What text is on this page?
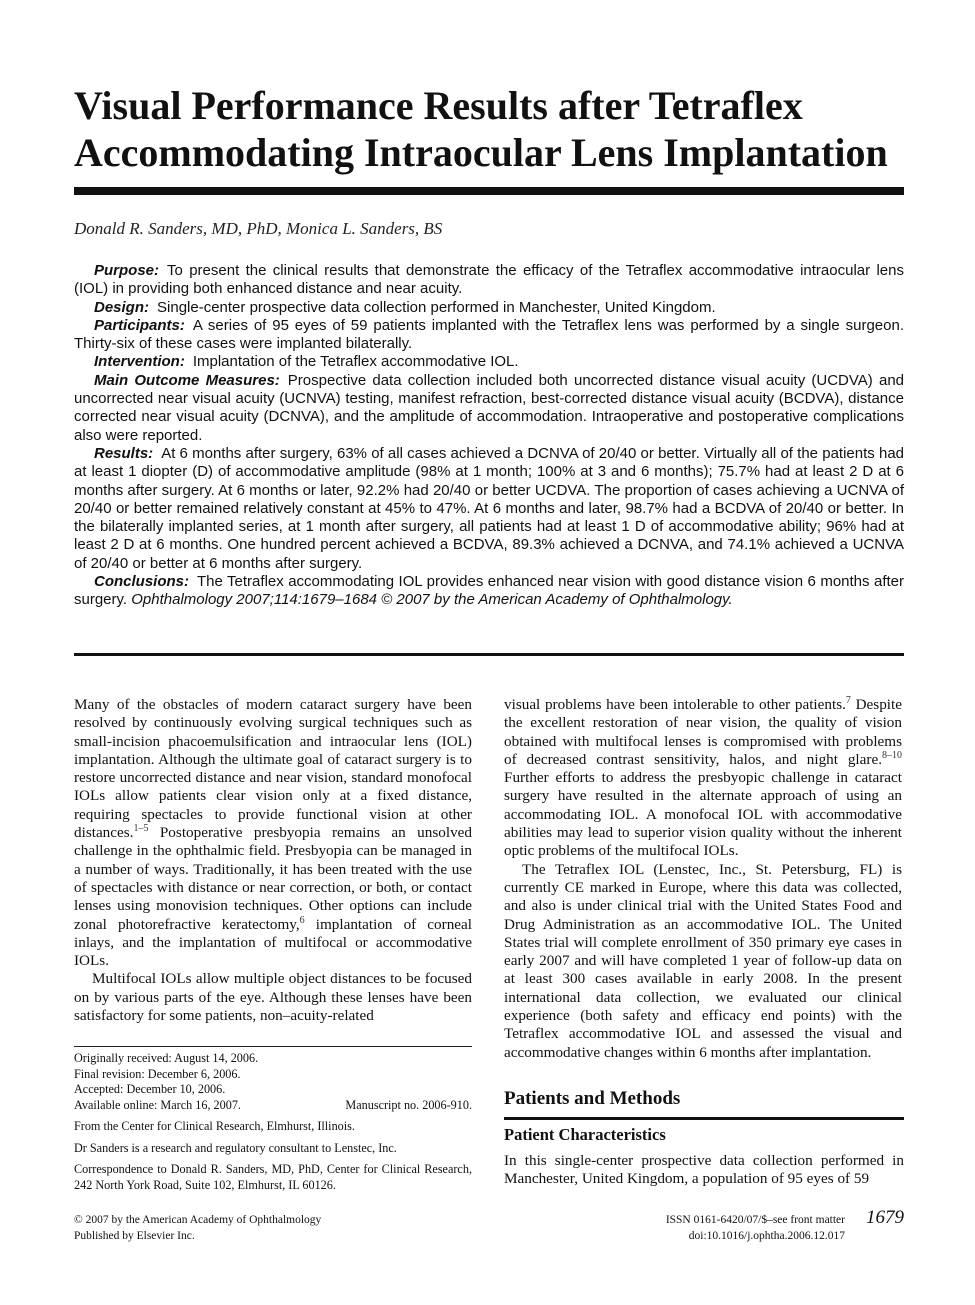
Visual Performance Results after Tetraflex
Accommodating Intraocular Lens Implantation
Donald R. Sanders, MD, PhD, Monica L. Sanders, BS

Purpose: To present the clinical results that demonstrate the efficacy of the Tetraflex accommodative intraocular lens (IOL) in providing both enhanced distance and near acuity.

Design: Single-center prospective data collection performed in Manchester, United Kingdom.

Participants: A series of 95 eyes of 59 patients implanted with the Tetraflex lens was performed by a single surgeon. Thirty-six of these cases were implanted bilaterally.

Intervention: Implantation of the Tetraflex accommodative IOL.

Main Outcome Measures: Prospective data collection included both uncorrected distance visual acuity (UCDVA) and uncorrected near visual acuity (UCNVA) testing, manifest refraction, best-corrected distance visual acuity (BCDVA), distance corrected near visual acuity (DCNVA), and the amplitude of accommodation. Intraoperative and postoperative complications also were reported.

Results: At 6 months after surgery, 63% of all cases achieved a DCNVA of 20/40 or better. Virtually all of the patients had at least 1 diopter (D) of accommodative amplitude (98% at 1 month; 100% at 3 and 6 months); 75.7% had at least 2 D at 6 months after surgery. At 6 months or later, 92.2% had 20/40 or better UCDVA. The proportion of cases achieving a UCNVA of 20/40 or better remained relatively constant at 45% to 47%. At 6 months and later, 98.7% had a BCDVA of 20/40 or better. In the bilaterally implanted series, at 1 month after surgery, all patients had at least 1 D of accommodative ability; 96% had at least 2 D at 6 months. One hundred percent achieved a BCDVA, 89.3% achieved a DCNVA, and 74.1% achieved a UCNVA of 20/40 or better at 6 months after surgery.

Conclusions: The Tetraflex accommodating IOL provides enhanced near vision with good distance vision 6 months after surgery. Ophthalmology 2007;114:1679–1684 © 2007 by the American Academy of Ophthalmology.

Many of the obstacles of modern cataract surgery have been resolved by continuously evolving surgical techniques such as small-incision phacoemulsification and intraocular lens (IOL) implantation. Although the ultimate goal of cataract surgery is to restore uncorrected distance and near vision, standard monofocal IOLs allow patients clear vision only at a fixed distance, requiring spectacles to provide functional vision at other distances.$^{1-5}$ Postoperative presbyopia remains an unsolved challenge in the ophthalmic field. Presbyopia can be managed in a number of ways. Traditionally, it has been treated with the use of spectacles with distance or near correction, or both, or contact lenses using monovision techniques. Other options can include zonal photorefractive keratectomy,$^6$ implantation of corneal inlays, and the implantation of multifocal or accommodative IOLs.

Multifocal IOLs allow multiple object distances to be focused on by various parts of the eye. Although these lenses have been satisfactory for some patients, non–acuity-related

Originally received: August 14, 2006.
Final revision: December 6, 2006.
Accepted: December 10, 2006.
Available online: March 16, 2007.	Manuscript no. 2006-910.

From the Center for Clinical Research, Elmhurst, Illinois.

Dr Sanders is a research and regulatory consultant to Lenstec, Inc.

Correspondence to Donald R. Sanders, MD, PhD, Center for Clinical Research, 242 North York Road, Suite 102, Elmhurst, IL 60126.

visual problems have been intolerable to other patients.$^7$ Despite the excellent restoration of near vision, the quality of vision obtained with multifocal lenses is compromised with problems of decreased contrast sensitivity, halos, and night glare.$^{8-10}$ Further efforts to address the presbyopic challenge in cataract surgery have resulted in the alternate approach of using an accommodating IOL. A monofocal IOL with accommodative abilities may lead to superior vision quality without the inherent optic problems of the multifocal IOLs.

The Tetraflex IOL (Lenstec, Inc., St. Petersburg, FL) is currently CE marked in Europe, where this data was collected, and also is under clinical trial with the United States Food and Drug Administration as an accommodative IOL. The United States trial will complete enrollment of 350 primary eye cases in early 2007 and will have completed 1 year of follow-up data on at least 300 cases available in early 2008. In the present international data collection, we evaluated our clinical experience (both safety and efficacy end points) with the Tetraflex accommodative IOL and assessed the visual and accommodative changes within 6 months after implantation.

Patients and Methods
Patient Characteristics

In this single-center prospective data collection performed in Manchester, United Kingdom, a population of 95 eyes of 59

© 2007 by the American Academy of Ophthalmology
Published by Elsevier Inc.
ISSN 0161-6420/07/$–see front matter
doi:10.1016/j.ophtha.2006.12.017
1679
